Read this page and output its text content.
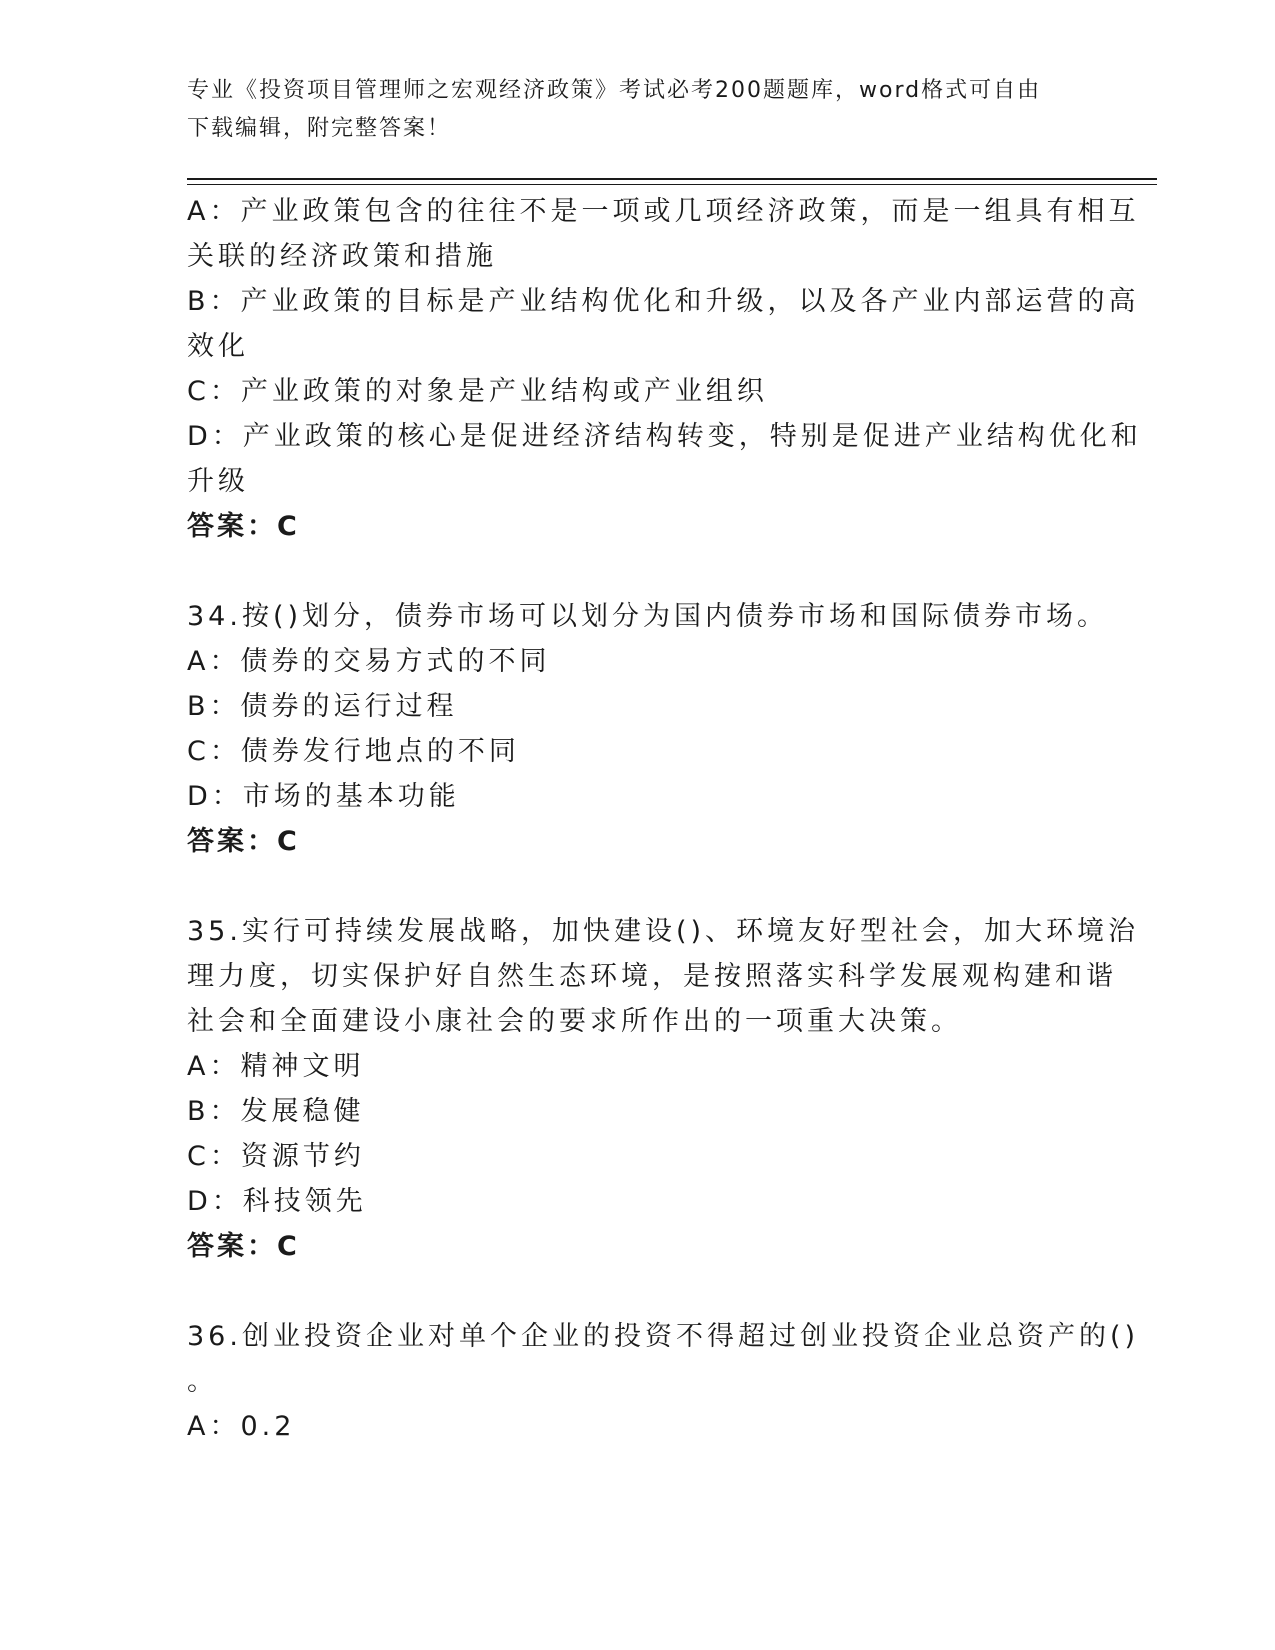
专业《投资项目管理师之宏观经济政策》考试必考200题题库，word格式可自由
下载编辑，附完整答案！
A：产业政策包含的往往不是一项或几项经济政策，而是一组具有相互
关联的经济政策和措施
B：产业政策的目标是产业结构优化和升级，以及各产业内部运营的高
效化
C：产业政策的对象是产业结构或产业组织
D：产业政策的核心是促进经济结构转变，特别是促进产业结构优化和
升级
答案：C
34.按()划分，债券市场可以划分为国内债券市场和国际债券市场。
A：债券的交易方式的不同
B：债券的运行过程
C：债券发行地点的不同
D：市场的基本功能
答案：C
35.实行可持续发展战略，加快建设()、环境友好型社会，加大环境治
理力度，切实保护好自然生态环境，是按照落实科学发展观构建和谐
社会和全面建设小康社会的要求所作出的一项重大决策。
A：精神文明
B：发展稳健
C：资源节约
D：科技领先
答案：C
36.创业投资企业对单个企业的投资不得超过创业投资企业总资产的()
。
A：0.2
